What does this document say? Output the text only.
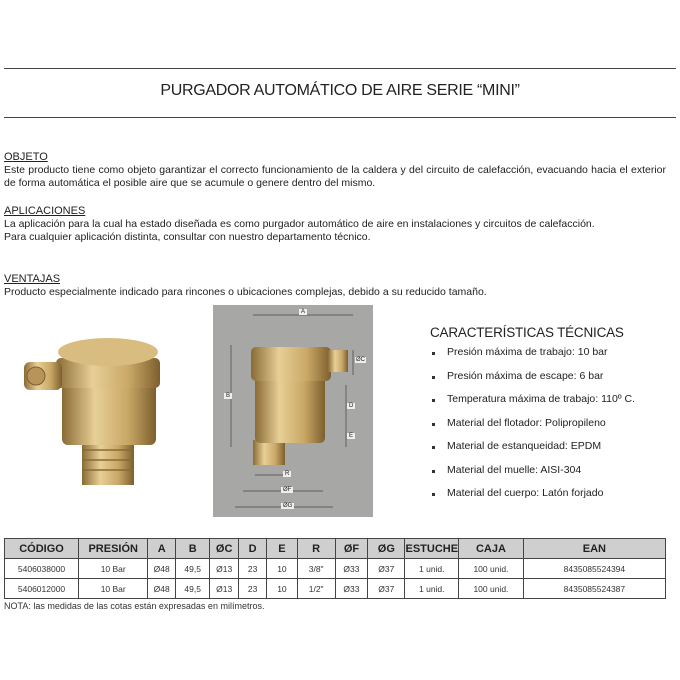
PURGADOR AUTOMÁTICO DE AIRE SERIE “MINI”
OBJETO

Este producto tiene como objeto garantizar el correcto funcionamiento de la caldera y del circuito de calefacción, evacuando hacia el exterior de forma automática el posible aire que se acumule o genere dentro del mismo.

APLICACIONES

La aplicación para la cual ha estado diseñada es como purgador automático de aire en instalaciones y circuitos de calefacción.

Para cualquier aplicación distinta, consultar con nuestro departamento técnico.

VENTAJAS

Producto especialmente indicado para rincones o ubicaciones complejas, debido a su reducido tamaño.

A
B
ØC
D
E
R
ØF
ØG
CARACTERÍSTICAS TÉCNICAS
Presión máxima de trabajo: 10 bar
Presión máxima de escape: 6 bar
Temperatura máxima de trabajo: 110º C.
Material del flotador: Polipropileno
Material de estanqueidad: EPDM
Material del muelle: AISI-304
Material del cuerpo: Latón forjado
CÓDIGO	PRESIÓN	A	B	ØC	D	E	R	ØF	ØG	ESTUCHE	CAJA	EAN
5406038000	10 Bar	Ø48	49,5	Ø13	23	10	3/8"	Ø33	Ø37	1 unid.	100 unid.	8435085524394
5406012000	10 Bar	Ø48	49,5	Ø13	23	10	1/2"	Ø33	Ø37	1 unid.	100 unid.	8435085524387
NOTA: las medidas de las cotas están expresadas en milímetros.
